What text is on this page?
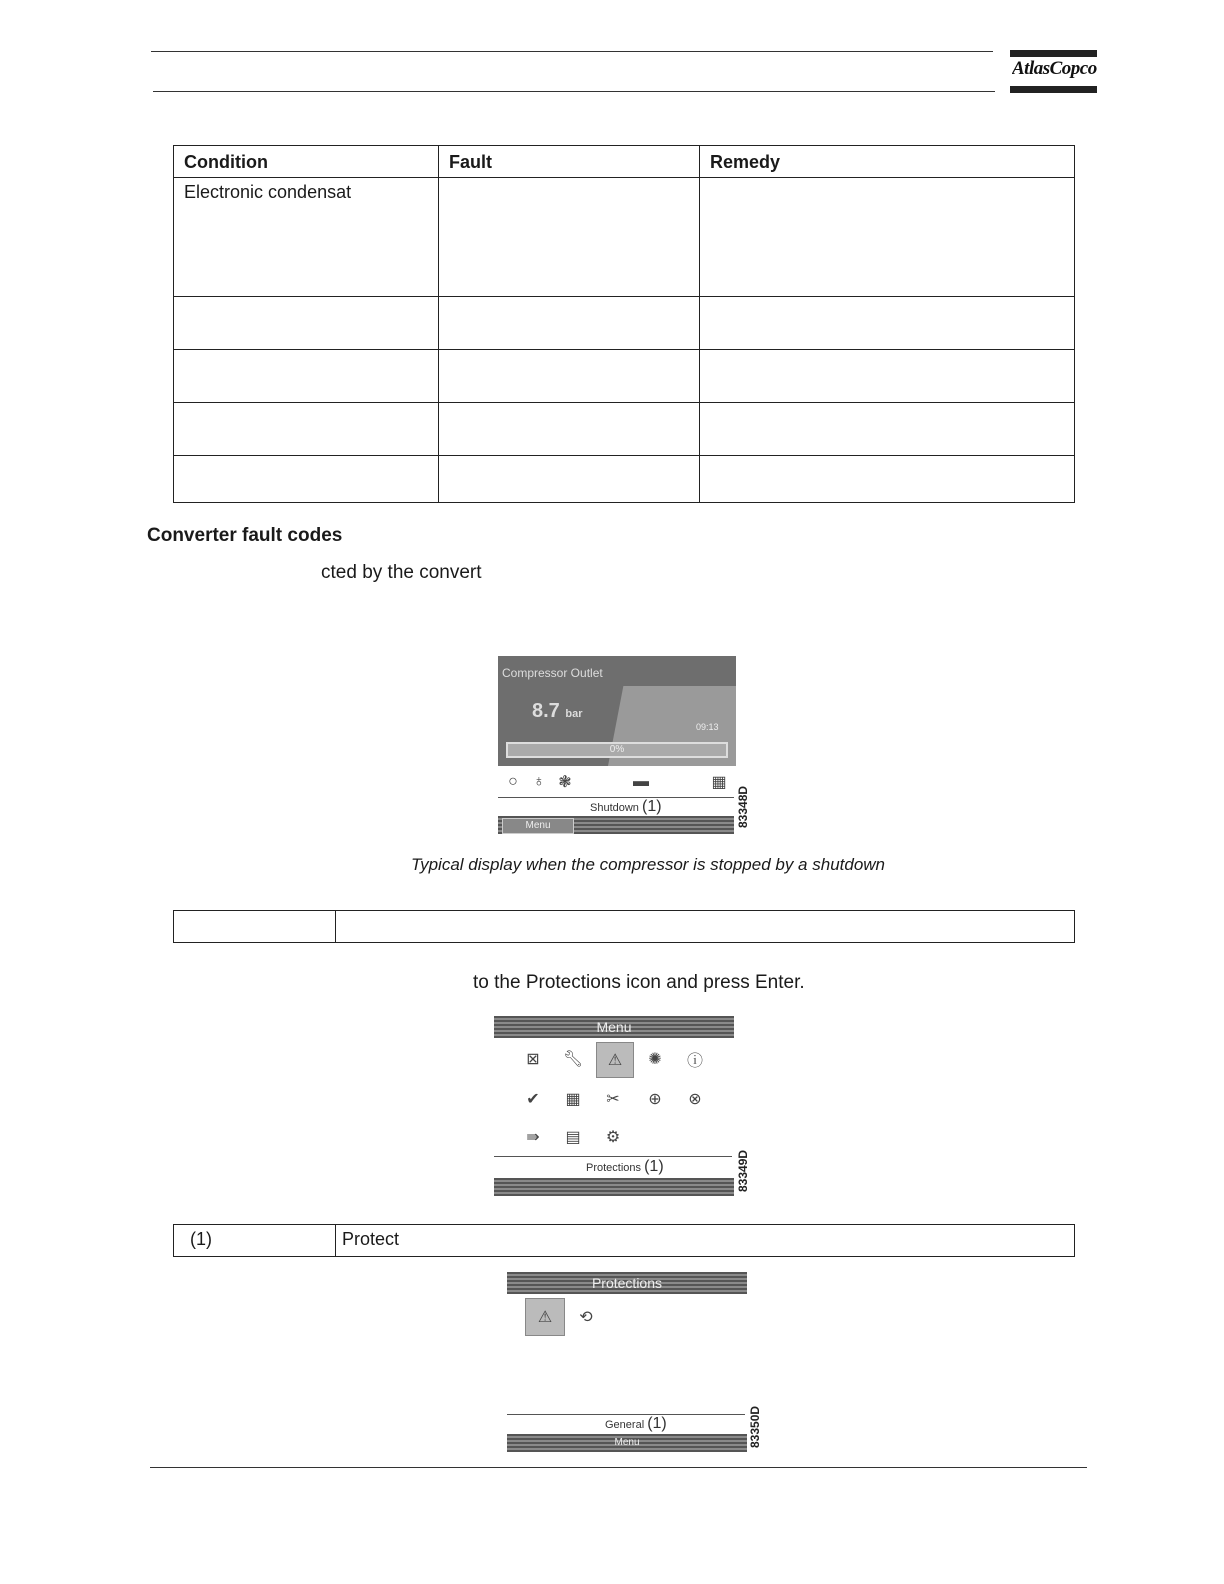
AtlasCopco
Condition	Fault	Remedy
Electronic condensat		

Converter fault codes
cted by the convert
Compressor Outlet
8.7 bar
09:13
0%
○ ♁ ❃	▬	▦
Shutdown (1)
Menu	83348D
Typical display when the compressor is stopped by a shutdown

to the Protections icon and press Enter.
Menu
⊠ 🔧︎	⚠	✺ ⓘ
✔ ▦ ✂ ⊕ ⊗
⇛ ▤ ⚙
Protections (1)	83349D
(1)	Protect
Protections
⚠	⟲
General (1)
Menu	83350D
